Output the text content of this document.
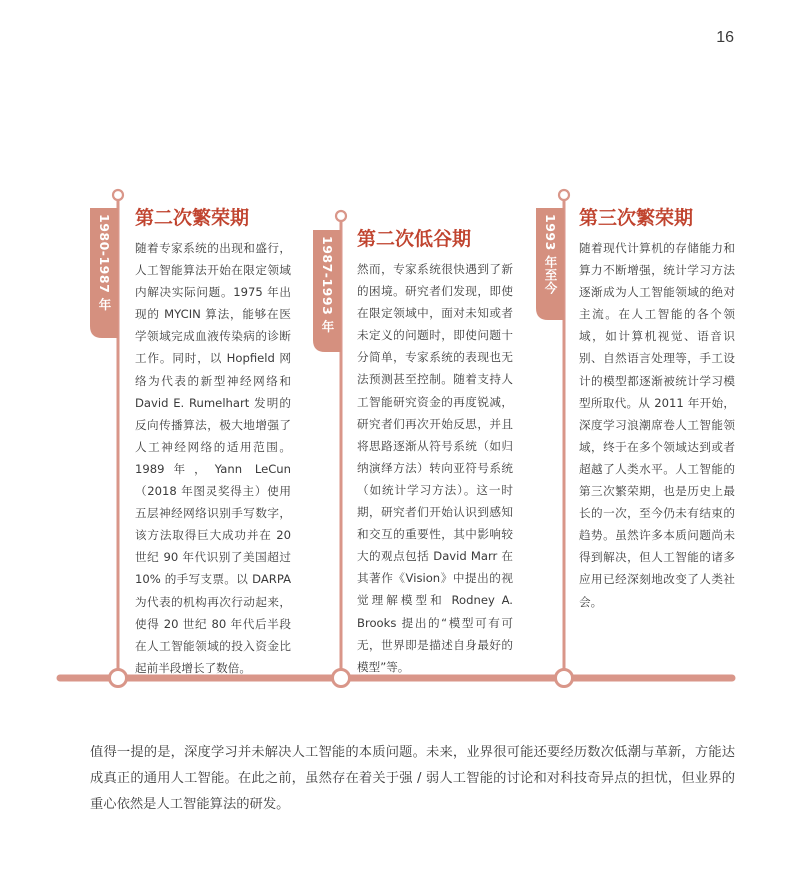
16
1980-1987 年 第二次繁荣期

随着专家系统的出现和盛行，人工智能算法开始在限定领域内解决实际问题。1975 年出现的 MYCIN 算法，能够在医学领域完成血液传染病的诊断工作。同时，以 Hopfield 网络为代表的新型神经网络和 David E. Rumelhart 发明的反向传播算法，极大地增强了人工神经网络的适用范围。1989年，Yann LeCun（2018 年图灵奖得主）使用五层神经网络识别手写数字，该方法取得巨大成功并在 20 世纪 90 年代识别了美国超过 10% 的手写支票。以 DARPA 为代表的机构再次行动起来，使得 20 世纪 80 年代后半段在人工智能领域的投入资金比起前半段增长了数倍。

1987-1993 年 第二次低谷期

然而，专家系统很快遇到了新的困境。研究者们发现，即使在限定领域中，面对未知或者未定义的问题时，即使问题十分简单，专家系统的表现也无法预测甚至控制。随着支持人工智能研究资金的再度锐减，研究者们再次开始反思，并且将思路逐渐从符号系统（如归纳演绎方法）转向亚符号系统（如统计学习方法）。这一时期，研究者们开始认识到感知和交互的重要性，其中影响较大的观点包括 David Marr 在其著作《Vision》中提出的视觉理解模型和 Rodney A. Brooks 提出的“模型可有可无，世界即是描述自身最好的模型”等。

1993 年至今 第三次繁荣期

随着现代计算机的存储能力和算力不断增强，统计学习方法逐渐成为人工智能领域的绝对主流。在人工智能的各个领域，如计算机视觉、语音识别、自然语言处理等，手工设计的模型都逐渐被统计学习模型所取代。从 2011 年开始，深度学习浪潮席卷人工智能领域，终于在多个领域达到或者超越了人类水平。人工智能的第三次繁荣期，也是历史上最长的一次，至今仍未有结束的趋势。虽然许多本质问题尚未得到解决，但人工智能的诸多应用已经深刻地改变了人类社会。

值得一提的是，深度学习并未解决人工智能的本质问题。未来，业界很可能还要经历数次低潮与革新，方能达成真正的通用人工智能。在此之前，虽然存在着关于强 / 弱人工智能的讨论和对科技奇异点的担忧，但业界的重心依然是人工智能算法的研发。
